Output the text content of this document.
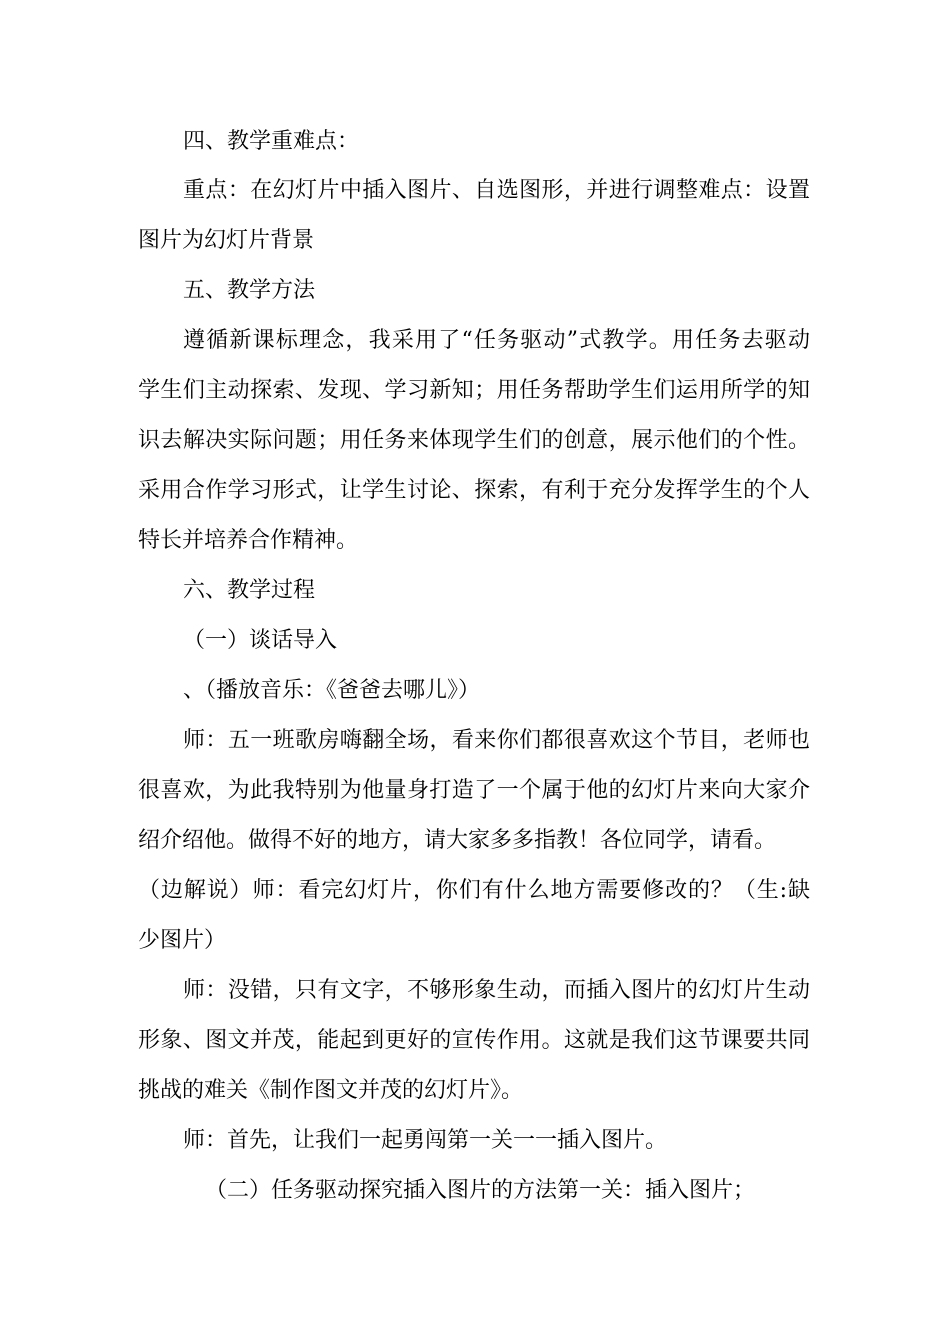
四、教学重难点：
重点：在幻灯片中插入图片、自选图形，并进行调整难点：设置
图片为幻灯片背景
五、教学方法
遵循新课标理念，我采用了“任务驱动”式教学。用任务去驱动
学生们主动探索、发现、学习新知；用任务帮助学生们运用所学的知
识去解决实际问题；用任务来体现学生们的创意，展示他们的个性。
采用合作学习形式，让学生讨论、探索，有利于充分发挥学生的个人
特长并培养合作精神。
六、教学过程
（一）谈话导入
、（播放音乐：《爸爸去哪儿》）
师：五一班歌房嗨翻全场，看来你们都很喜欢这个节目，老师也
很喜欢，为此我特别为他量身打造了一个属于他的幻灯片来向大家介
绍介绍他。做得不好的地方，请大家多多指教！各位同学，请看。
（边解说）师：看完幻灯片，你们有什么地方需要修改的？（生:缺
少图片）
师：没错，只有文字，不够形象生动，而插入图片的幻灯片生动
形象、图文并茂，能起到更好的宣传作用。这就是我们这节课要共同
挑战的难关《制作图文并茂的幻灯片》。
师：首先，让我们一起勇闯第一关一一插入图片。
（二）任务驱动探究插入图片的方法第一关：插入图片；
